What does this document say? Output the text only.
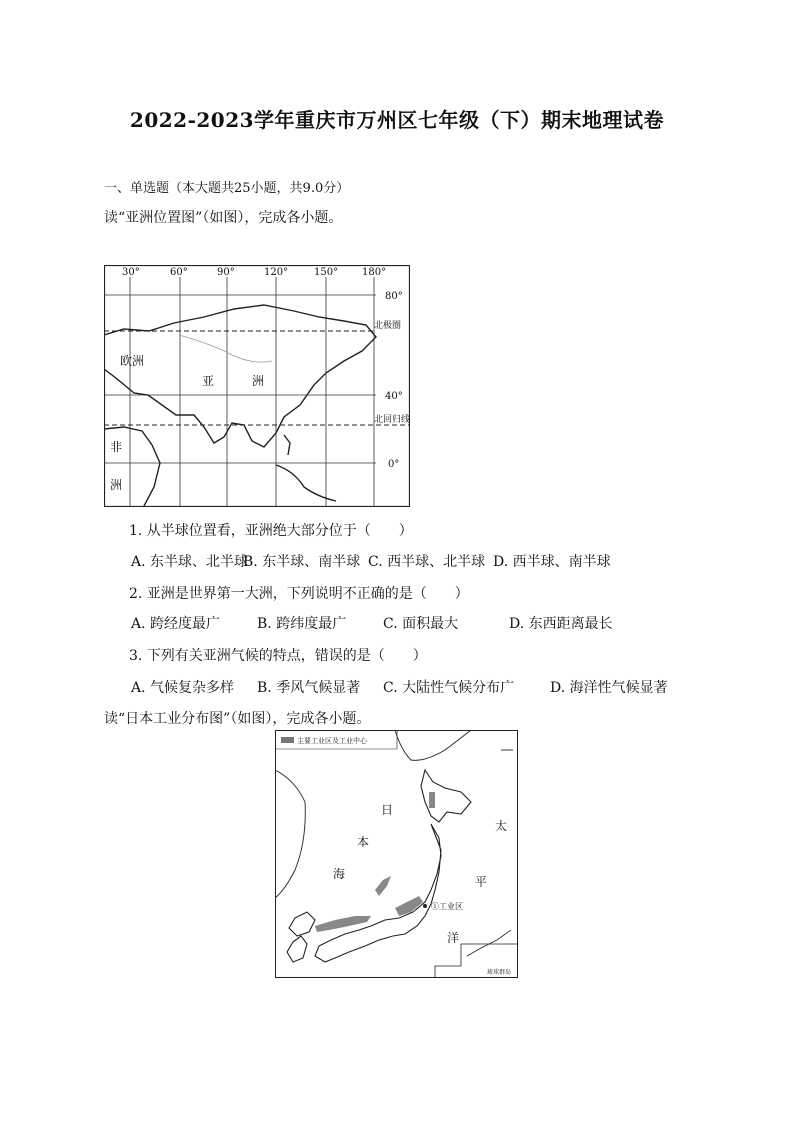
2022-2023学年重庆市万州区七年级（下）期末地理试卷
一、单选题（本大题共25小题，共9.0分）
读“亚洲位置图”（如图），完成各小题。
30°	60°	90°	120°	150° 180°
80°
40°
0°
北极圈
北回归线
欧洲
亚	洲
非
洲
1. 从半球位置看，亚洲绝大部分位于（　　）
A. 东半球、北半球B. 东半球、南半球 C. 西半球、北半球 D. 西半球、南半球
2. 亚洲是世界第一大洲，下列说明不正确的是（　　）
A. 跨经度最广	B. 跨纬度最广	C. 面积最大	D. 东西距离最长
3. 下列有关亚洲气候的特点，错误的是（　　）
A. 气候复杂多样 B. 季风气候显著 C. 大陆性气候分布广	D. 海洋性气候显著
读“日本工业分布图”（如图），完成各小题。
主要工业区及工业中心
日
本
海
太
平
洋
①工业区
琉球群岛
